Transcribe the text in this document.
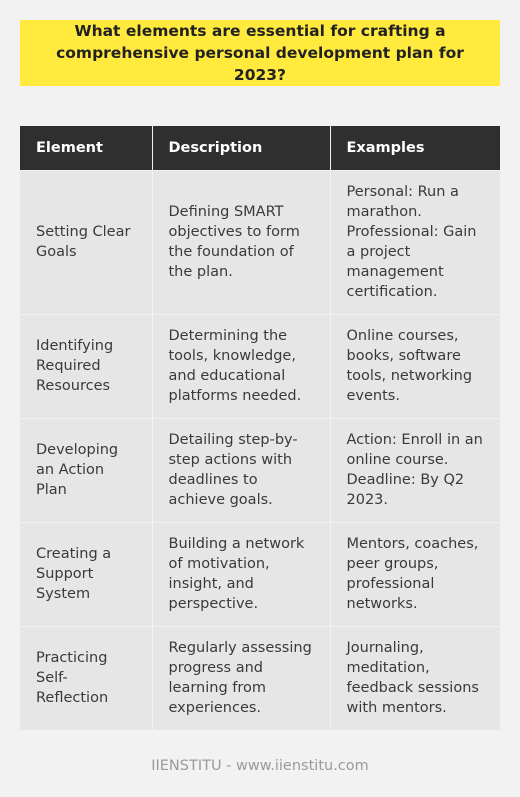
What elements are essential for crafting a
comprehensive personal development plan for 2023?
Element	Description	Examples
Setting Clear Goals	Defining SMART objectives to form the foundation of the plan.	Personal: Run a marathon. Professional: Gain a project management certification.
Identifying Required Resources	Determining the tools, knowledge, and educational platforms needed.	Online courses, books, software tools, networking events.
Developing an Action Plan	Detailing step-by-step actions with deadlines to achieve goals.	Action: Enroll in an online course. Deadline: By Q2 2023.
Creating a Support System	Building a network of motivation, insight, and perspective.	Mentors, coaches, peer groups, professional networks.
Practicing Self-Reflection	Regularly assessing progress and learning from experiences.	Journaling, meditation, feedback sessions with mentors.
IIENSTITU - www.iienstitu.com
